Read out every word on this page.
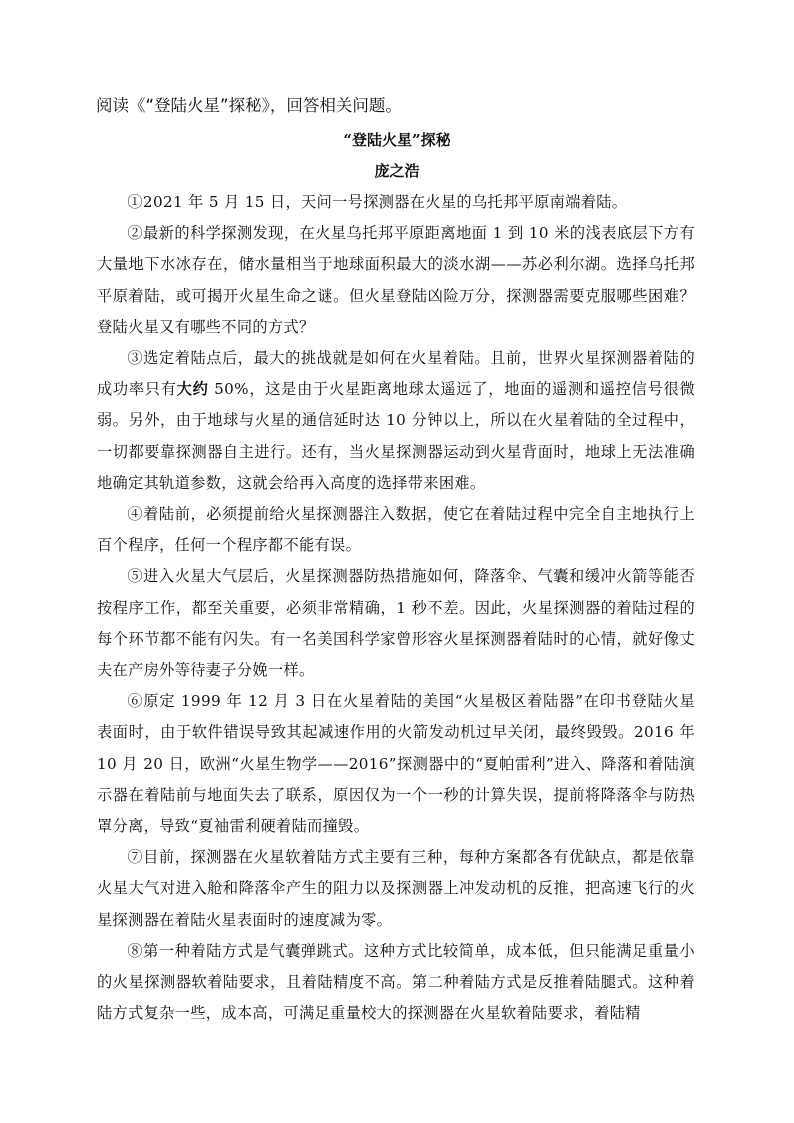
阅读《“登陆火星”探秘》，回答相关问题。
“登陆火星”探秘
庞之浩

①2021 年 5 月 15 日，天问一号探测器在火星的乌托邦平原南端着陆。

②最新的科学探测发现，在火星乌托邦平原距离地面 1 到 10 米的浅表底层下方有大量地下水冰存在，储水量相当于地球面积最大的淡水湖——苏必利尔湖。选择乌托邦平原着陆，或可揭开火星生命之谜。但火星登陆凶险万分，探测器需要克服哪些困难？登陆火星又有哪些不同的方式？

③选定着陆点后，最大的挑战就是如何在火星着陆。且前，世界火星探测器着陆的成功率只有大约 50%，这是由于火星距离地球太遥远了，地面的遥测和遥控信号很微弱。另外，由于地球与火星的通信延时达 10 分钟以上，所以在火星着陆的全过程中，一切都要靠探测器自主进行。还有，当火星探测器运动到火星背面时，地球上无法准确地确定其轨道参数，这就会给再入高度的选择带来困难。

④着陆前，必须提前给火星探测器注入数据，使它在着陆过程中完全自主地执行上百个程序，任何一个程序都不能有误。

⑤进入火星大气层后，火星探测器防热措施如何，降落伞、气囊和缓冲火箭等能否按程序工作，都至关重要，必须非常精确，1 秒不差。因此，火星探测器的着陆过程的每个环节都不能有闪失。有一名美国科学家曾形容火星探测器着陆时的心情，就好像丈夫在产房外等待妻子分娩一样。

⑥原定 1999 年 12 月 3 日在火星着陆的美国“火星极区着陆器”在印书登陆火星表面时，由于软件错误导致其起减速作用的火箭发动机过早关闭，最终毁毁。2016 年 10 月 20 日，欧洲“火星生物学——2016”探测器中的“夏帕雷利”进入、降落和着陆演示器在着陆前与地面失去了联系，原因仅为一个一秒的计算失误，提前将降落伞与防热罩分离，导致“夏袖雷利硬着陆而撞毁。

⑦目前，探测器在火星软着陆方式主要有三种，每种方案都各有优缺点，都是依靠火星大气对进入舱和降落伞产生的阻力以及探测器上冲发动机的反推，把高速飞行的火星探测器在着陆火星表面时的速度减为零。

⑧第一种着陆方式是气囊弹跳式。这种方式比较简单，成本低，但只能满足重量小的火星探测器软着陆要求，且着陆精度不高。第二种着陆方式是反推着陆腿式。这种着陆方式复杂一些，成本高，可满足重量校大的探测器在火星软着陆要求，着陆精
